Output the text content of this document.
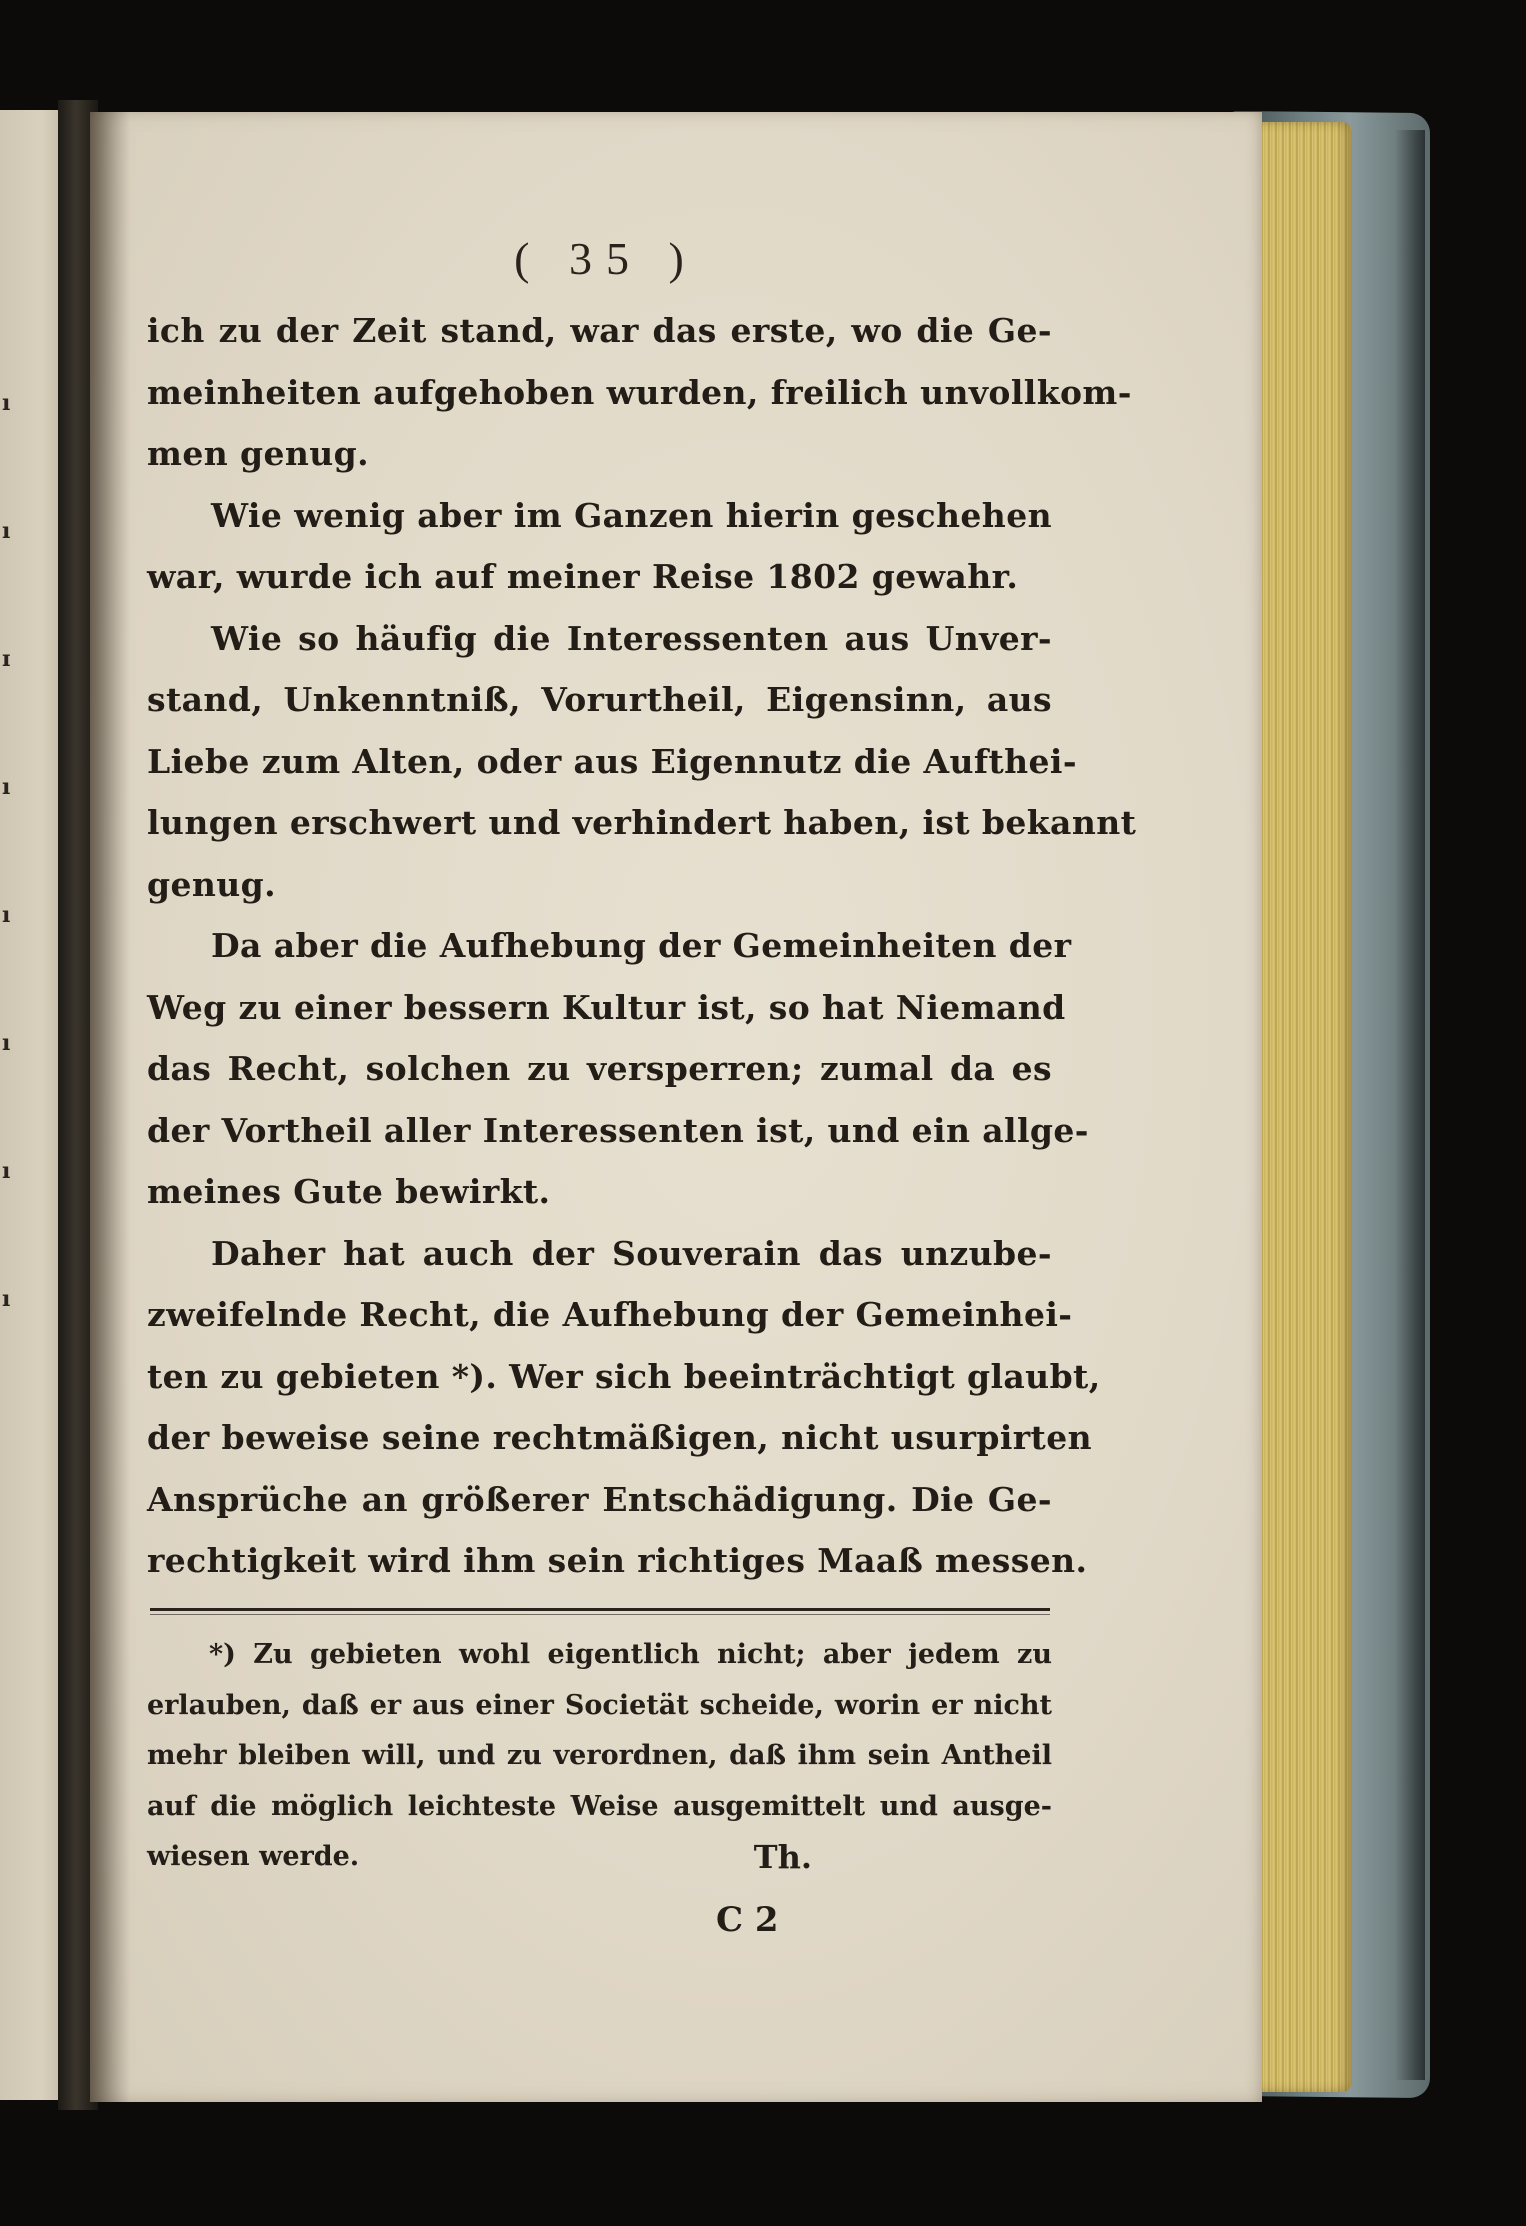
ı
ı
ɪ
ı
ı
ı
ı
ı
( 35 )
ich zu der Zeit stand, war das erste, wo die Ge-
meinheiten aufgehoben wurden, freilich unvollkom-
men genug.
Wie wenig aber im Ganzen hierin geschehen
war, wurde ich auf meiner Reise 1802 gewahr.
Wie so häufig die Interessenten aus Unver-
stand, Unkenntniß, Vorurtheil, Eigensinn, aus
Liebe zum Alten, oder aus Eigennutz die Aufthei-
lungen erschwert und verhindert haben, ist bekannt
genug.
Da aber die Aufhebung der Gemeinheiten der
Weg zu einer bessern Kultur ist, so hat Niemand
das Recht, solchen zu versperren; zumal da es
der Vortheil aller Interessenten ist, und ein allge-
meines Gute bewirkt.
Daher hat auch der Souverain das unzube-
zweifelnde Recht, die Aufhebung der Gemeinhei-
ten zu gebieten *). Wer sich beeinträchtigt glaubt,
der beweise seine rechtmäßigen, nicht usurpirten
Ansprüche an größerer Entschädigung. Die Ge-
rechtigkeit wird ihm sein richtiges Maaß messen.
*) Zu gebieten wohl eigentlich nicht; aber jedem zu
erlauben, daß er aus einer Societät scheide, worin er nicht
mehr bleiben will, und zu verordnen, daß ihm sein Antheil
auf die möglich leichteste Weise ausgemittelt und ausge-
wiesen werde.	Th.
C 2
